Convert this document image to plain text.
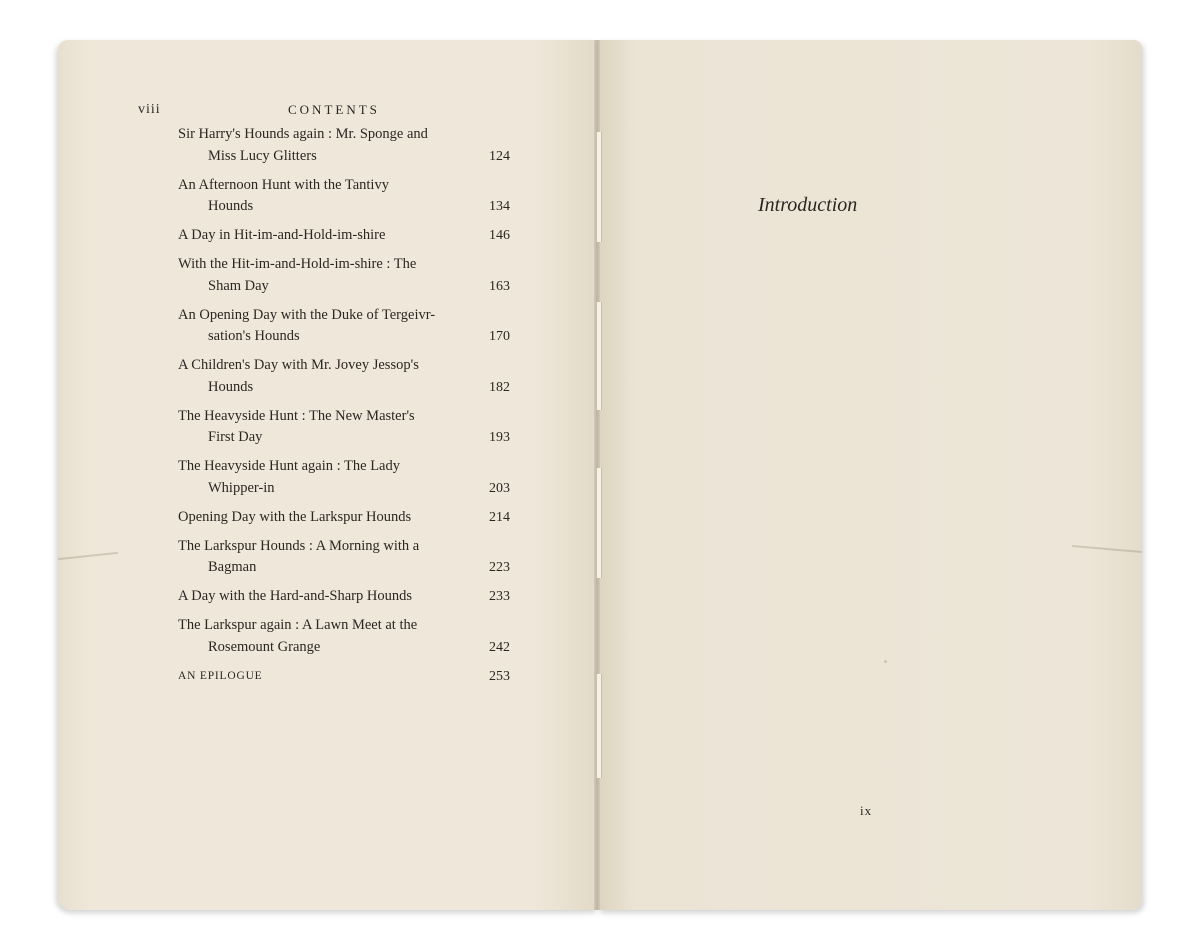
viii	CONTENTS
Sir Harry's Hounds again : Mr. Sponge and
Miss Lucy Glitters	124
An Afternoon Hunt with the Tantivy
Hounds	134
A Day in Hit-im-and-Hold-im-shire	146
With the Hit-im-and-Hold-im-shire : The
Sham Day	163
An Opening Day with the Duke of Tergeivr-
sation's Hounds	170
A Children's Day with Mr. Jovey Jessop's
Hounds	182
The Heavyside Hunt : The New Master's
First Day	193
The Heavyside Hunt again : The Lady
Whipper-in	203
Opening Day with the Larkspur Hounds	214
The Larkspur Hounds : A Morning with a
Bagman	223
A Day with the Hard-and-Sharp Hounds	233
The Larkspur again : A Lawn Meet at the
Rosemount Grange	242
AN EPILOGUE	253
Introduction
ix
